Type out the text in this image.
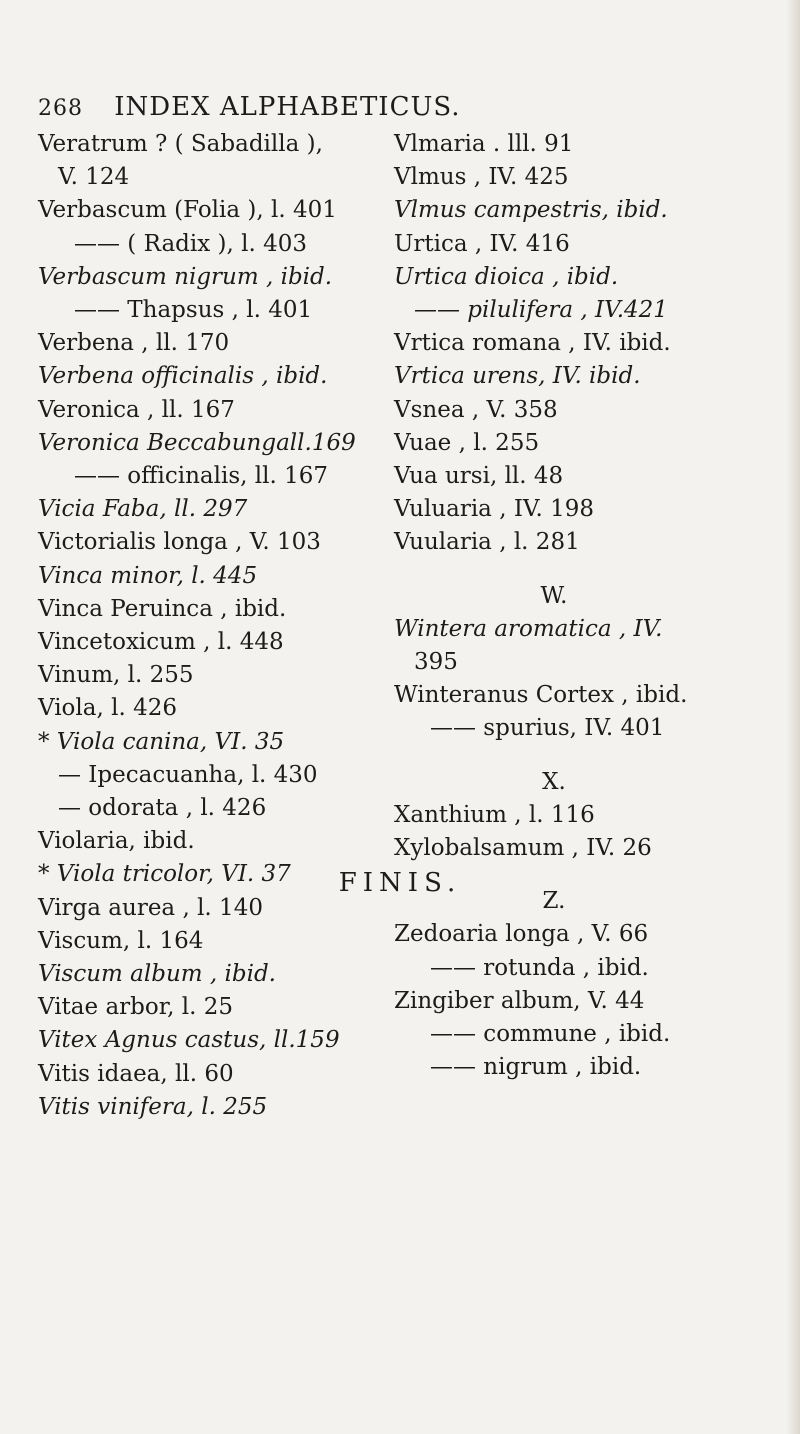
268 INDEX ALPHABETICUS.
Veratrum ? ( Sabadilla ),
V. 124
Verbascum (Folia ), l. 401
—— ( Radix ), l. 403
Verbascum nigrum , ibid.
—— Thapsus , l. 401
Verbena , ll. 170
Verbena officinalis , ibid.
Veronica , ll. 167
Veronica Beccabungall.169
—— officinalis, ll. 167
Vicia Faba, ll. 297
Victorialis longa , V. 103
Vinca minor, l. 445
Vinca Peruinca , ibid.
Vincetoxicum , l. 448
Vinum, l. 255
Viola, l. 426
* Viola canina, VI. 35
— Ipecacuanha, l. 430
— odorata , l. 426
Violaria, ibid.
* Viola tricolor, VI. 37
Virga aurea , l. 140
Viscum, l. 164
Viscum album , ibid.
Vitae arbor, l. 25
Vitex Agnus castus, ll.159
Vitis idaea, ll. 60
Vitis vinifera, l. 255
Vlmaria . lll. 91
Vlmus , IV. 425
Vlmus campestris, ibid.
Urtica , IV. 416
Urtica dioica , ibid.
—— pilulifera , IV.421
Vrtica romana , IV. ibid.
Vrtica urens, IV. ibid.
Vsnea , V. 358
Vuae , l. 255
Vua ursi, ll. 48
Vuluaria , IV. 198
Vuularia , l. 281
W.
Wintera aromatica , IV.
395
Winteranus Cortex , ibid.
—— spurius, IV. 401
X.
Xanthium , l. 116
Xylobalsamum , IV. 26
Z.
Zedoaria longa , V. 66
—— rotunda , ibid.
Zingiber album, V. 44
—— commune , ibid.
—— nigrum , ibid.
FINIS.
